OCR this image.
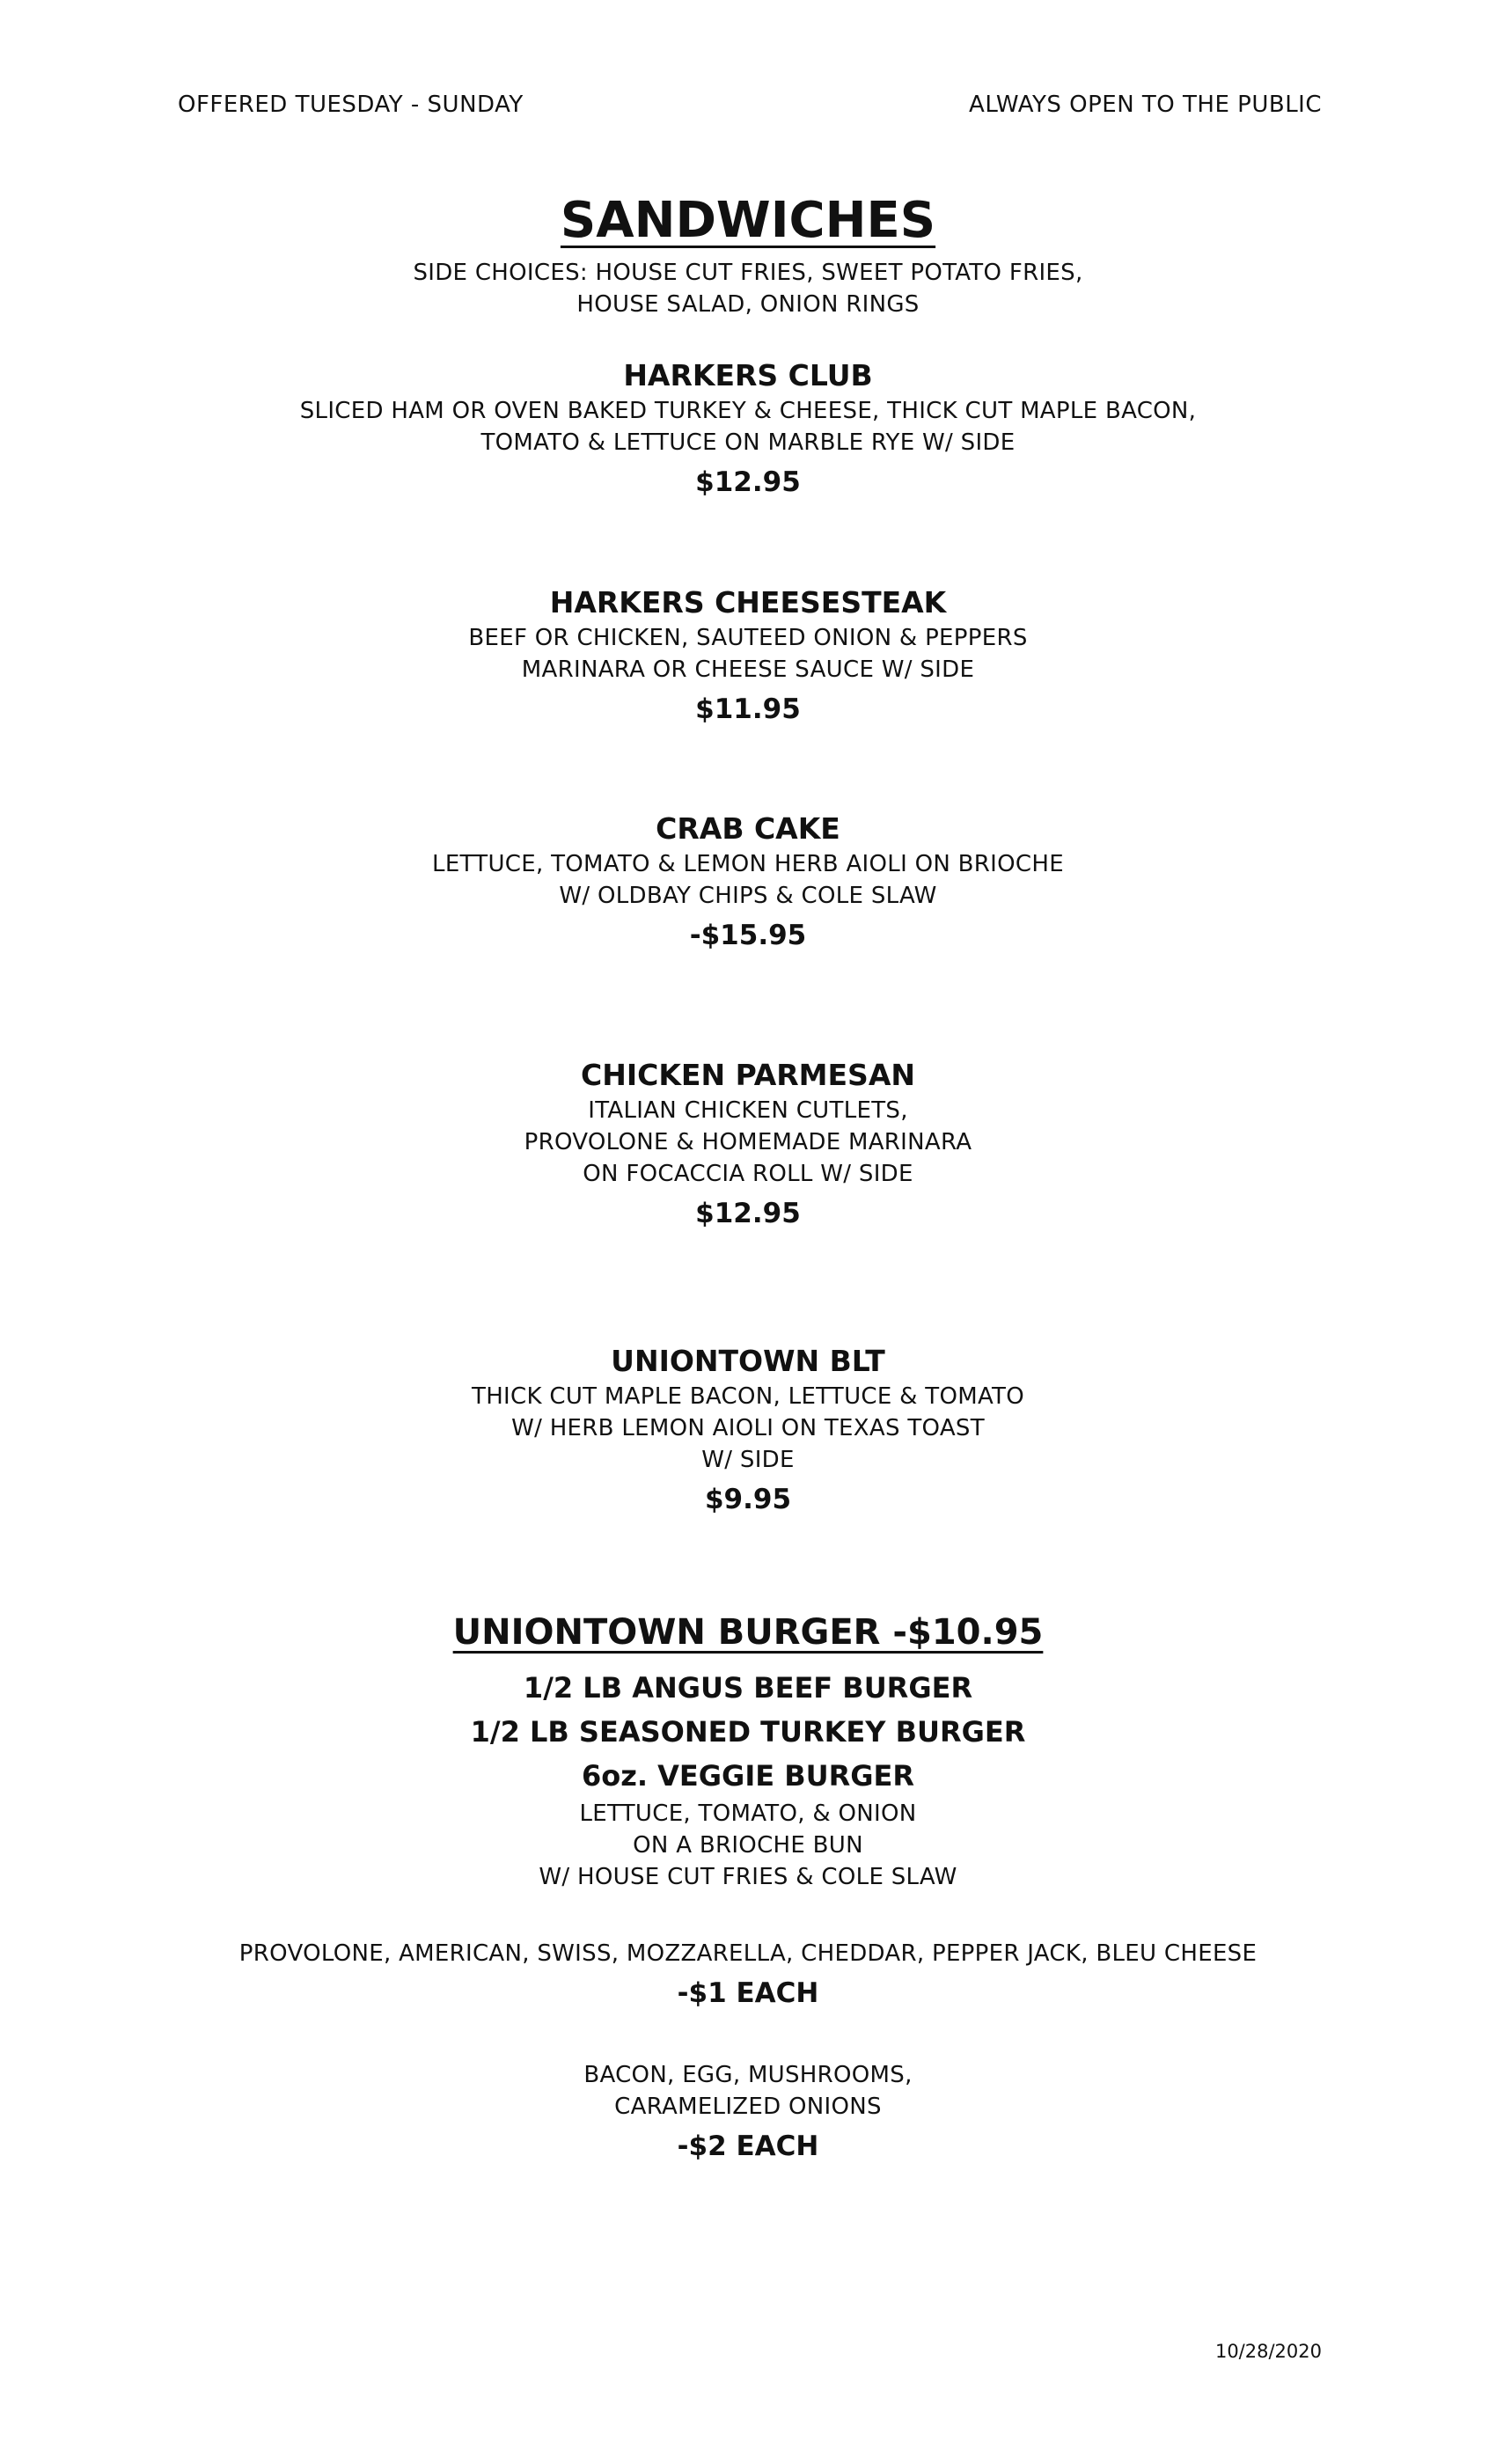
OFFERED TUESDAY - SUNDAY	ALWAYS OPEN TO THE PUBLIC
SANDWICHES
SIDE CHOICES: HOUSE CUT FRIES, SWEET POTATO FRIES,
HOUSE SALAD, ONION RINGS
HARKERS CLUB
SLICED HAM OR OVEN BAKED TURKEY & CHEESE, THICK CUT MAPLE BACON,
TOMATO & LETTUCE ON MARBLE RYE W/ SIDE
$12.95
HARKERS CHEESESTEAK
BEEF OR CHICKEN, SAUTEED ONION & PEPPERS
MARINARA OR CHEESE SAUCE W/ SIDE
$11.95
CRAB CAKE
LETTUCE, TOMATO & LEMON HERB AIOLI ON BRIOCHE
W/ OLDBAY CHIPS & COLE SLAW
-$15.95
CHICKEN PARMESAN
ITALIAN CHICKEN CUTLETS,
PROVOLONE & HOMEMADE MARINARA
ON FOCACCIA ROLL W/ SIDE
$12.95
UNIONTOWN BLT
THICK CUT MAPLE BACON, LETTUCE & TOMATO
W/ HERB LEMON AIOLI ON TEXAS TOAST
W/ SIDE
$9.95
UNIONTOWN BURGER -$10.95
1/2 LB ANGUS BEEF BURGER
1/2 LB SEASONED TURKEY BURGER
6oz. VEGGIE BURGER
LETTUCE, TOMATO, & ONION
ON A BRIOCHE BUN
W/ HOUSE CUT FRIES & COLE SLAW
PROVOLONE, AMERICAN, SWISS, MOZZARELLA, CHEDDAR, PEPPER JACK, BLEU CHEESE
-$1 EACH
BACON, EGG, MUSHROOMS,
CARAMELIZED ONIONS
-$2 EACH
10/28/2020
